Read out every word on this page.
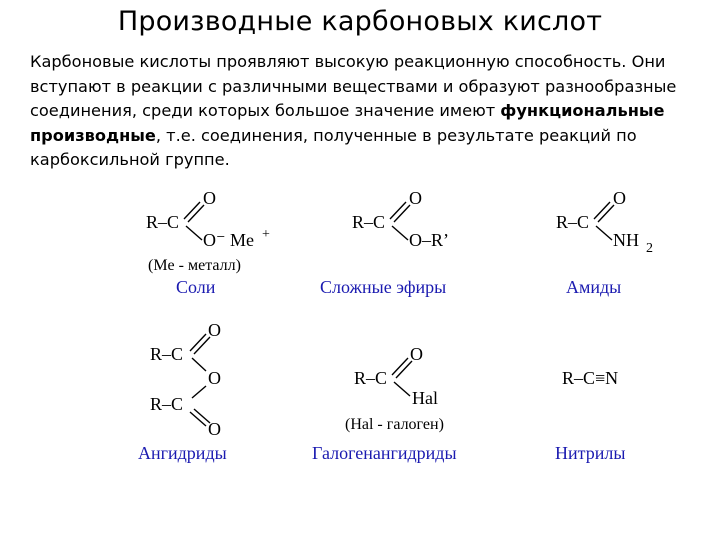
Производные карбоновых кислот
Карбоновые кислоты проявляют высокую реакционную способность. Они вступают в реакции с различными веществами и образуют разнообразные соединения, среди которых большое значение имеют функциональные производные, т.е. соединения, полученные в результате реакций по карбоксильной группе.
R–C
O
O⁻ Me +
(Me - металл)
Соли
R–C
O
O–R’
Сложные эфиры
R–C
O
NH 2
Амиды
R–C
O
O
R–C
O
Ангидриды
R–C
O
Hal
(Hal - галоген)
Галогенангидриды
R–C≡N
Нитрилы
